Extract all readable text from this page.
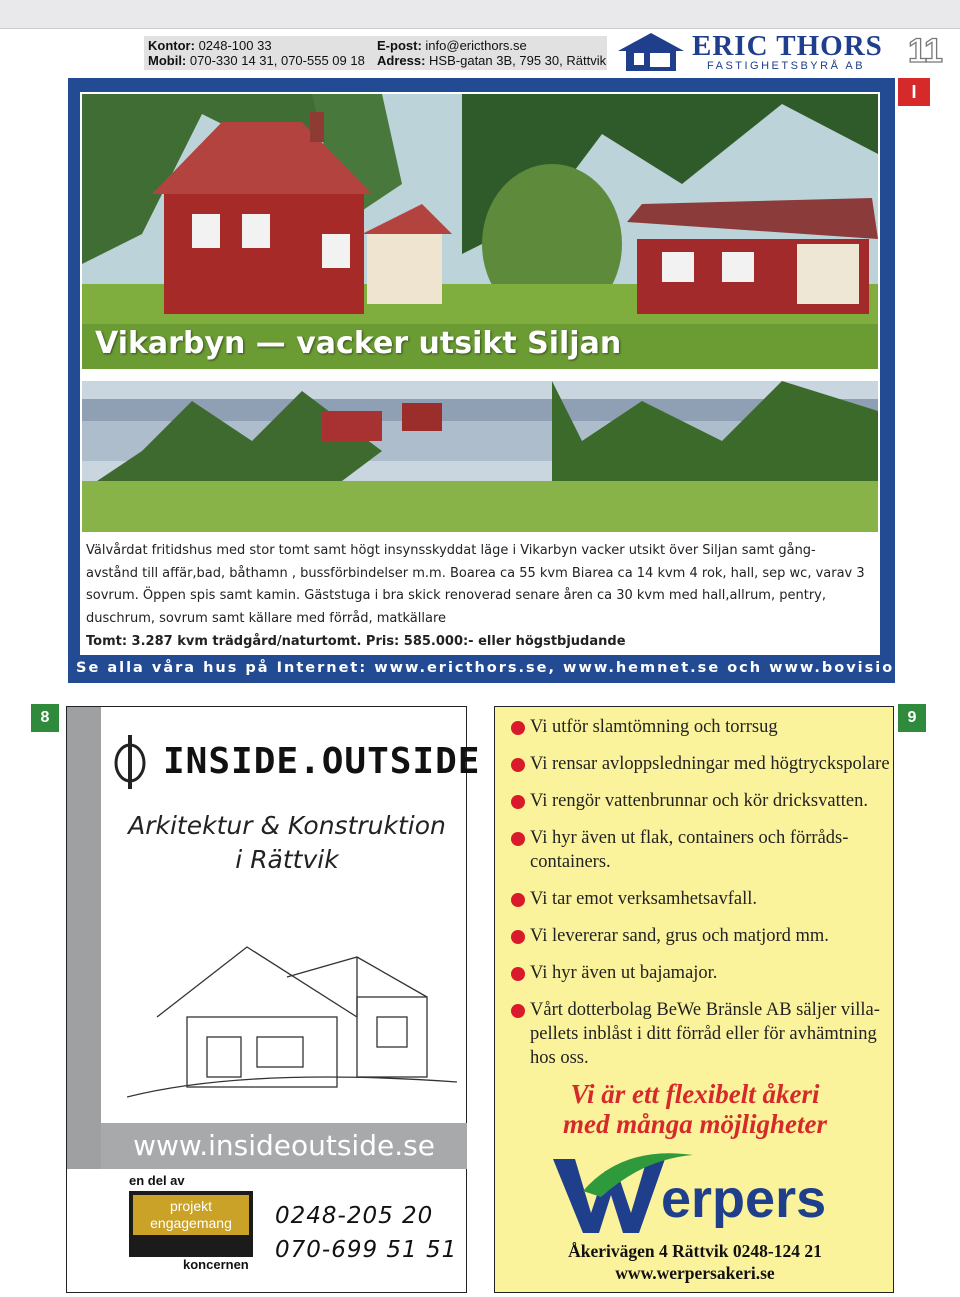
Kontor: 0248-100 33
Mobil: 070-330 14 31, 070-555 09 18
E-post: info@ericthors.se
Adress: HSB-gatan 3B, 795 30, Rättvik	ERIC THORS
FASTIGHETSBYRÅ AB 11
I
Vikarbyn — vacker utsikt Siljan

Välvårdat fritidshus med stor tomt samt högt insynsskyddat läge i Vikarbyn vacker utsikt över Siljan samt gång-

avstånd till affär,bad, båthamn , bussförbindelser m.m. Boarea ca 55 kvm Biarea ca 14 kvm 4 rok, hall, sep wc, varav 3

sovrum. Öppen spis samt kamin. Gäststuga i bra skick renoverad senare åren ca 30 kvm med hall,allrum, pentry,

duschrum, sovrum samt källare med förråd, matkällare

Tomt: 3.287 kvm trädgård/naturtomt. Pris: 585.000:- eller högstbjudande

Se alla våra hus på Internet: www.ericthors.se, www.hemnet.se och www.bovision.se
8	9
INSIDE.OUTSIDE
Arkitektur & Konstruktion
i Rättvik
www.insideoutside.se
en del av
projekt engagemang
koncernen
0248-205 20
070-699 51 51
Vi utför slamtömning och torrsug
Vi rensar avloppsledningar med högtryckspolare
Vi rengör vattenbrunnar och kör dricksvatten.
Vi hyr även ut flak, containers och förråds-
containers.
Vi tar emot verksamhetsavfall.
Vi levererar sand, grus och matjord mm.
Vi hyr även ut bajamajor.
Vårt dotterbolag BeWe Bränsle AB säljer villa-
pellets inblåst i ditt förråd eller för avhämtning
hos oss.
Vi är ett flexibelt åkeri
med många möjligheter
erpers
Åkerivägen 4 Rättvik 0248-124 21
www.werpersakeri.se
